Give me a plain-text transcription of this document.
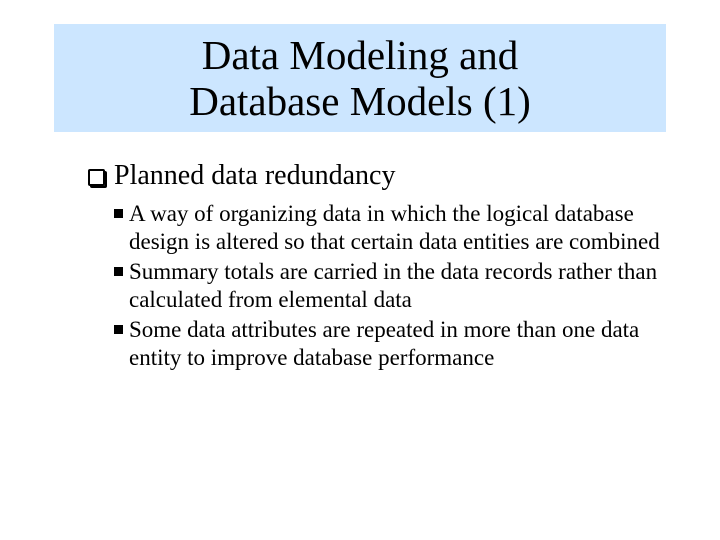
Data Modeling and
Database Models (1)
Planned data redundancy
A way of organizing data in which the logical database design is altered so that certain data entities are combined
Summary totals are carried in the data records rather than calculated from elemental data
Some data attributes are repeated in more than one data entity to improve database performance
